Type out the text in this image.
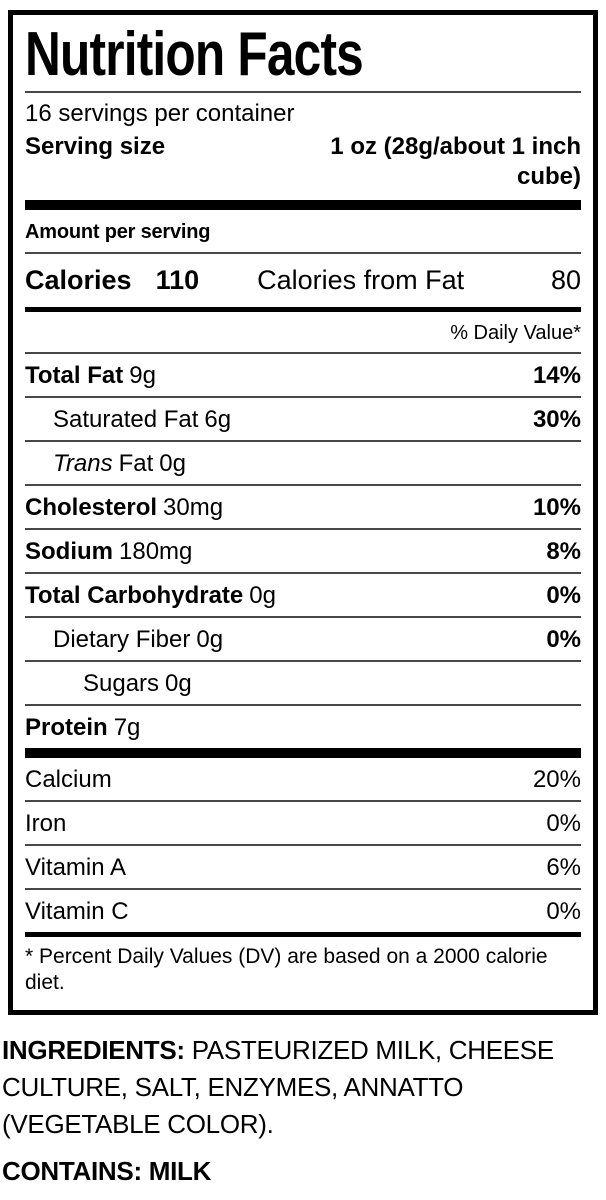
Nutrition Facts
16 servings per container
Serving size	1 oz (28g/about 1 inch cube)
Amount per serving
Calories 110 Calories from Fat	80
% Daily Value*
Total Fat 9g	14%
Saturated Fat 6g	30%
Trans Fat 0g
Cholesterol 30mg	10%
Sodium 180mg	8%
Total Carbohydrate 0g	0%
Dietary Fiber 0g	0%
Sugars 0g
Protein 7g
Calcium	20%
Iron	0%
Vitamin A	6%
Vitamin C	0%
* Percent Daily Values (DV) are based on a 2000 calorie diet.

INGREDIENTS: PASTEURIZED MILK, CHEESE CULTURE, SALT, ENZYMES, ANNATTO (VEGETABLE COLOR).

CONTAINS: MILK
